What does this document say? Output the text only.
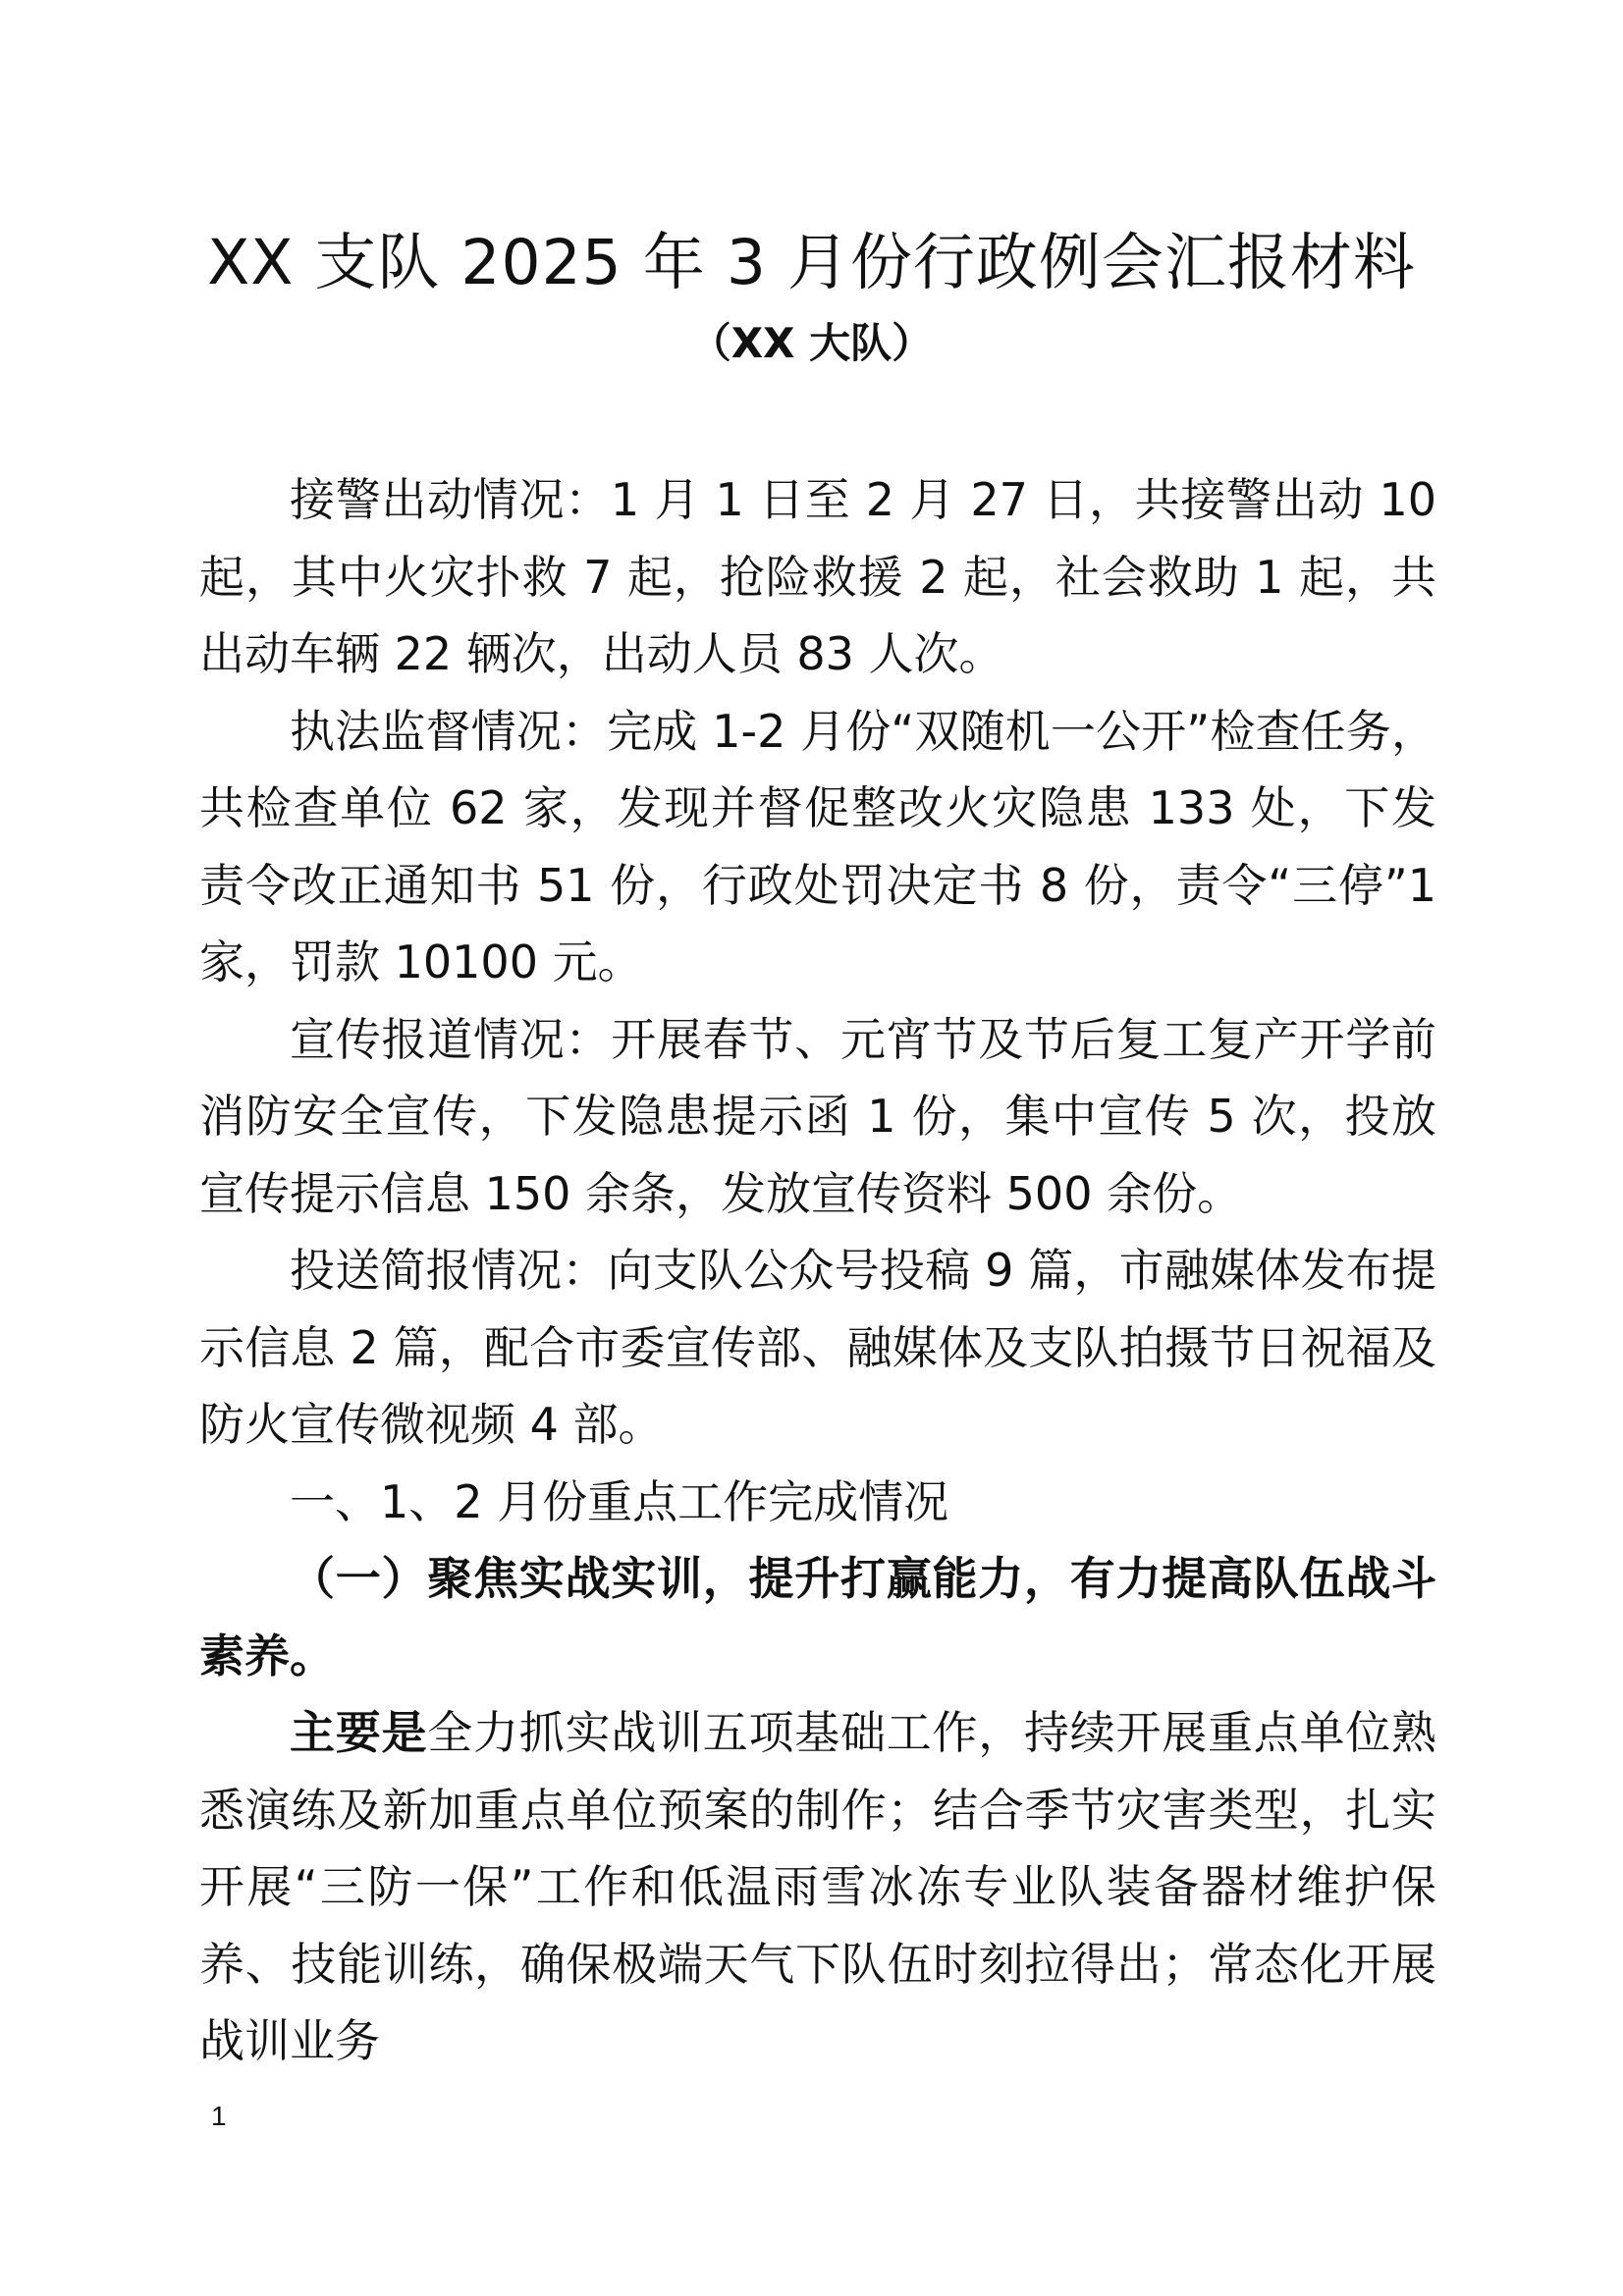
XX 支队 2025 年 3 月份行政例会汇报材料
（XX 大队）

接警出动情况：1 月 1 日至 2 月 27 日，共接警出动 10 起，其中火灾扑救 7 起，抢险救援 2 起，社会救助 1 起，共出动车辆 22 辆次，出动人员 83 人次。

执法监督情况：完成 1-2 月份“双随机一公开”检查任务，共检查单位 62 家，发现并督促整改火灾隐患 133 处，下发责令改正通知书 51 份，行政处罚决定书 8 份，责令“三停”1 家，罚款 10100 元。

宣传报道情况：开展春节、元宵节及节后复工复产开学前消防安全宣传，下发隐患提示函 1 份，集中宣传 5 次，投放宣传提示信息 150 余条，发放宣传资料 500 余份。

投送简报情况：向支队公众号投稿 9 篇，市融媒体发布提示信息 2 篇，配合市委宣传部、融媒体及支队拍摄节日祝福及防火宣传微视频 4 部。

一、1、2 月份重点工作完成情况

（一）聚焦实战实训，提升打赢能力，有力提高队伍战斗素养。

主要是全力抓实战训五项基础工作，持续开展重点单位熟悉演练及新加重点单位预案的制作；结合季节灾害类型，扎实开展“三防一保”工作和低温雨雪冰冻专业队装备器材维护保养、技能训练，确保极端天气下队伍时刻拉得出；常态化开展战训业务

1
